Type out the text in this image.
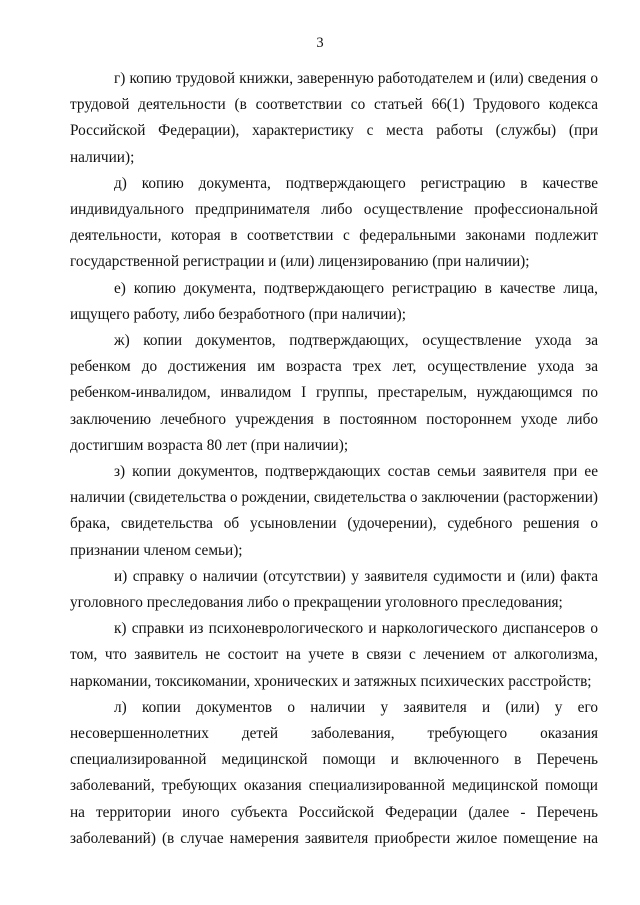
3

г) копию трудовой книжки, заверенную работодателем и (или) сведения о трудовой деятельности (в соответствии со статьей 66(1) Трудового кодекса Российской Федерации), характеристику с места работы (службы) (при наличии);

д) копию документа, подтверждающего регистрацию в качестве индивидуального предпринимателя либо осуществление профессиональной деятельности, которая в соответствии с федеральными законами подлежит государственной регистрации и (или) лицензированию (при наличии);

е) копию документа, подтверждающего регистрацию в качестве лица, ищущего работу, либо безработного (при наличии);

ж) копии документов, подтверждающих, осуществление ухода за ребенком до достижения им возраста трех лет, осуществление ухода за ребенком-инвалидом, инвалидом I группы, престарелым, нуждающимся по заключению лечебного учреждения в постоянном постороннем уходе либо достигшим возраста 80 лет (при наличии);

з) копии документов, подтверждающих состав семьи заявителя при ее наличии (свидетельства о рождении, свидетельства о заключении (расторжении) брака, свидетельства об усыновлении (удочерении), судебного решения о признании членом семьи);

и) справку о наличии (отсутствии) у заявителя судимости и (или) факта уголовного преследования либо о прекращении уголовного преследования;

к) справки из психоневрологического и наркологического диспансеров о том, что заявитель не состоит на учете в связи с лечением от алкоголизма, наркомании, токсикомании, хронических и затяжных психических расстройств;

л) копии документов о наличии у заявителя и (или) у его несовершеннолетних детей заболевания, требующего оказания специализированной медицинской помощи и включенного в Перечень заболеваний, требующих оказания специализированной медицинской помощи на территории иного субъекта Российской Федерации (далее - Перечень заболеваний) (в случае намерения заявителя приобрести жилое помещение на
